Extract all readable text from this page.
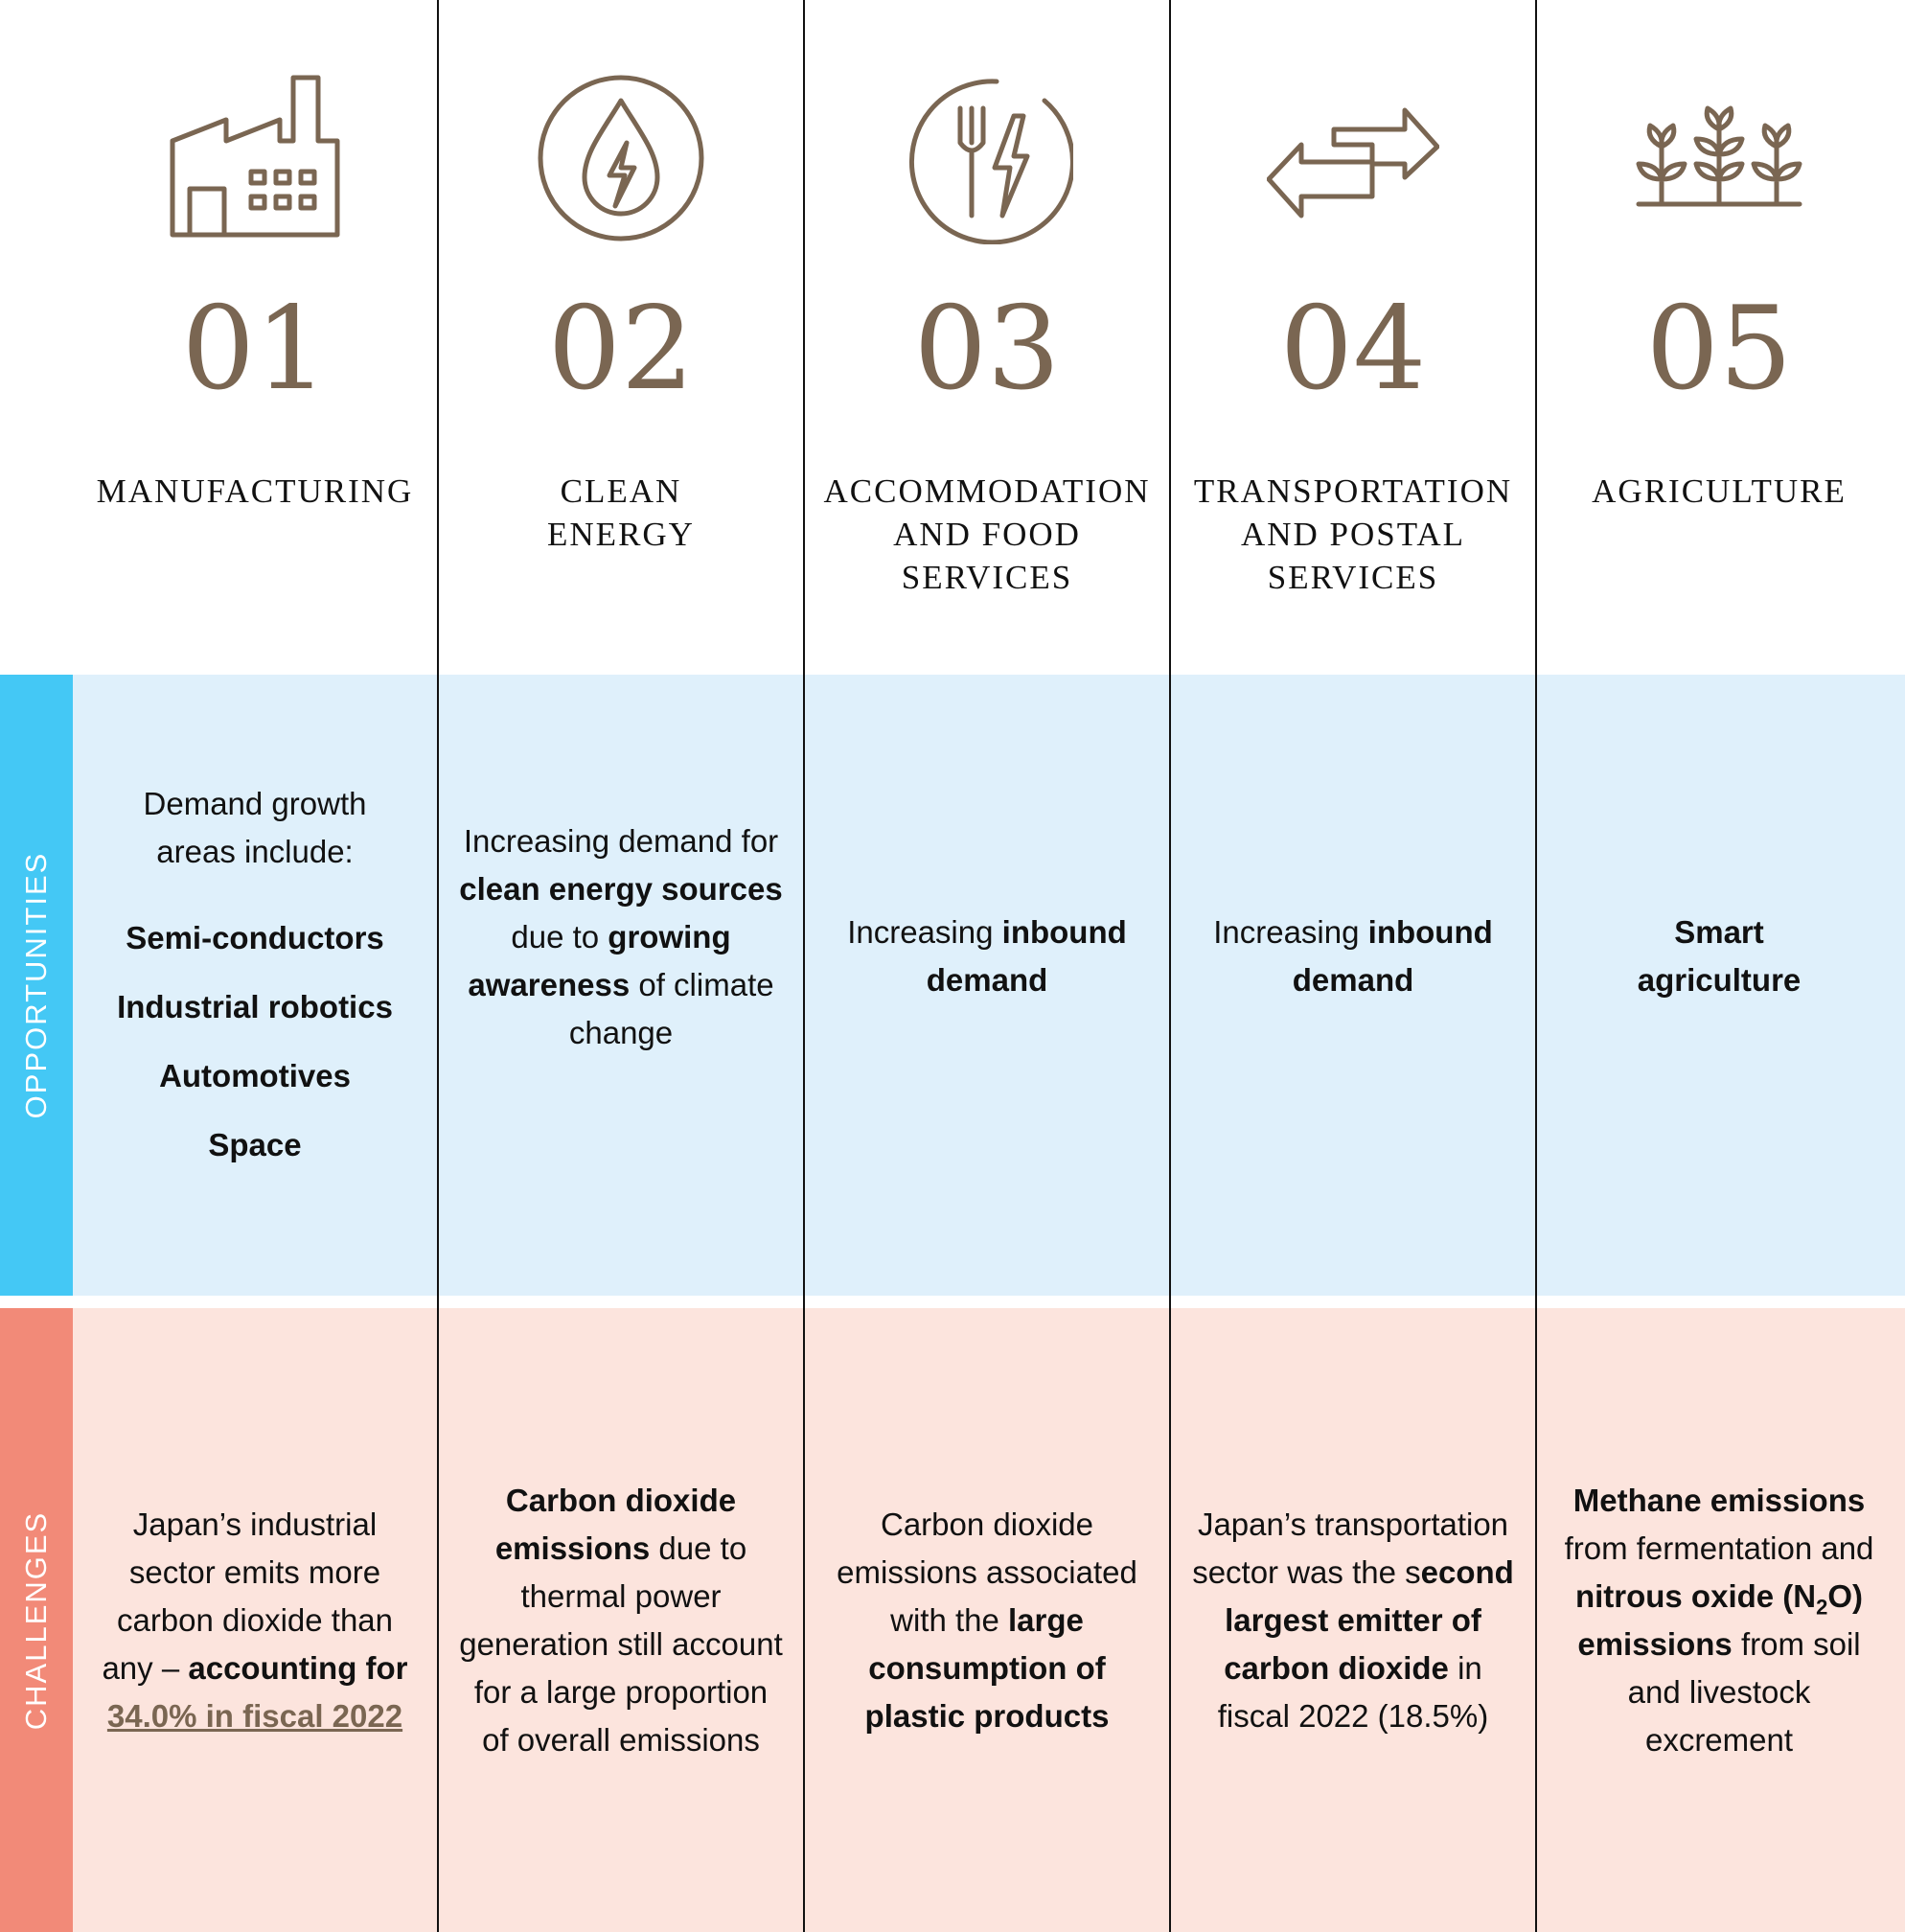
OPPORTUNITIES
CHALLENGES
01
MANUFACTURING

Demand growth areas include:

Semi-conductors
Industrial robotics
Automotives
Space

Japan’s industrial sector emits more carbon dioxide than any – accounting for 34.0% in fiscal 2022

02
CLEAN ENERGY

Increasing demand for clean energy sources due to growing awareness of climate change

Carbon dioxide emissions due to thermal power generation still account for a large proportion of overall emissions

03
ACCOMMODATION AND FOOD SERVICES

Increasing inbound demand

Carbon dioxide emissions associated with the large consumption of plastic products

04
TRANSPORTATION AND POSTAL SERVICES

Increasing inbound demand

Japan’s transportation sector was the second largest emitter of carbon dioxide in fiscal 2022 (18.5%)

05
AGRICULTURE

Smart agriculture

Methane emissions from fermentation and nitrous oxide $(N_2O)$ emissions from soil and livestock excrement
